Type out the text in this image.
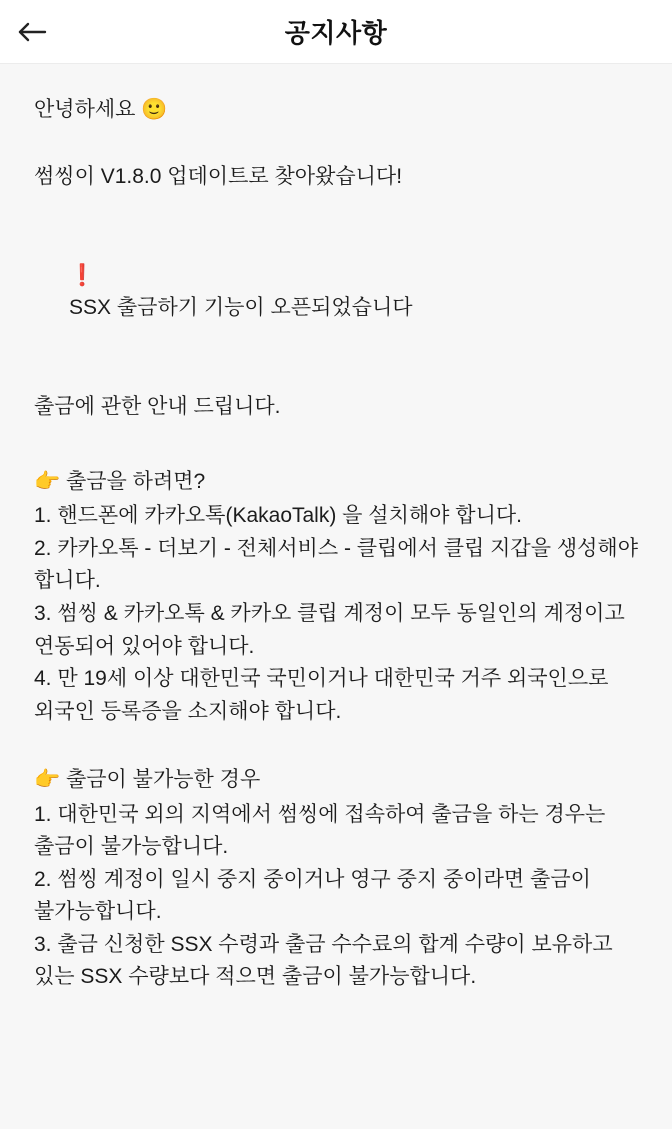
공지사항
안녕하세요 🙂
썸씽이 V1.8.0 업데이트로 찾아왔습니다!

❗
SSX 출금하기 기능이 오픈되었습니다

출금에 관한 안내 드립니다.
👉 출금을 하려면?
1. 핸드폰에 카카오톡(KakaoTalk) 을 설치해야 합니다.
2. 카카오톡 - 더보기 - 전체서비스 - 클립에서 클립 지갑을 생성해야 합니다.
3. 썸씽 & 카카오톡 & 카카오 클립 계정이 모두 동일인의 계정이고 연동되어 있어야 합니다.
4. 만 19세 이상 대한민국 국민이거나 대한민국 거주 외국인으로 외국인 등록증을 소지해야 합니다.
👉 출금이 불가능한 경우
1. 대한민국 외의 지역에서 썸씽에 접속하여 출금을 하는 경우는 출금이 불가능합니다.
2. 썸씽 계정이 일시 중지 중이거나 영구 중지 중이라면 출금이 불가능합니다.
3. 출금 신청한 SSX 수령과 출금 수수료의 합계 수량이 보유하고 있는 SSX 수량보다 적으면 출금이 불가능합니다.
